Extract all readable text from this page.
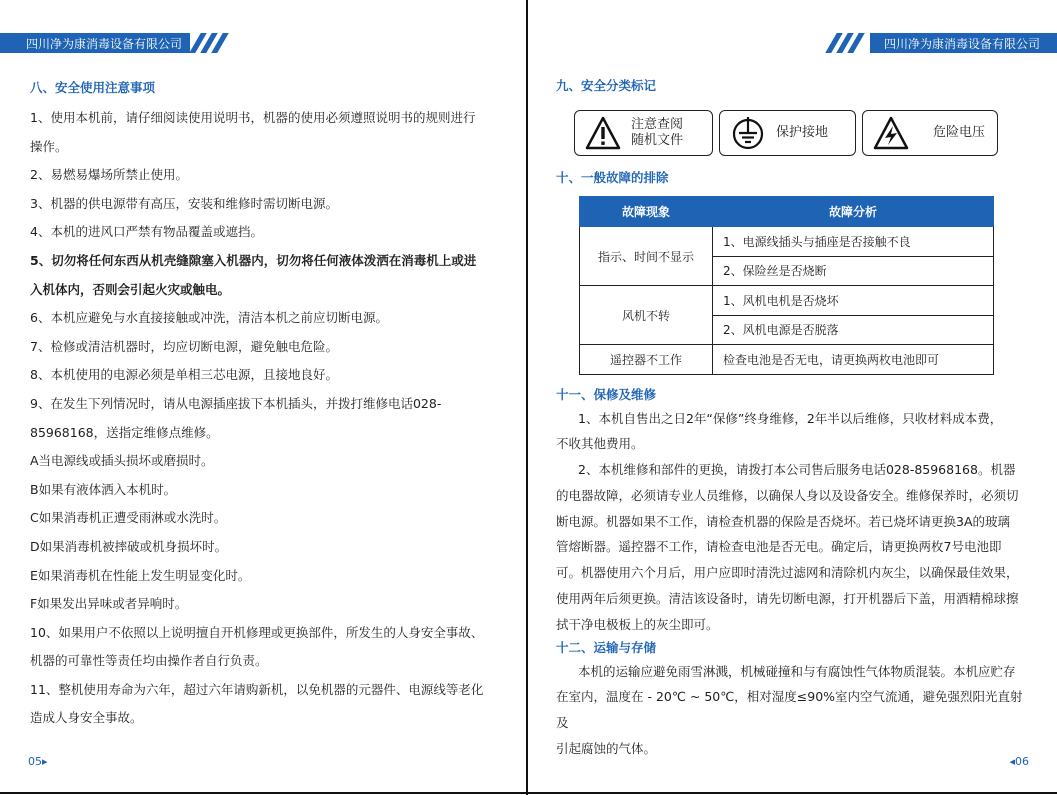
四川净为康消毒设备有限公司
八、安全使用注意事项
1、使用本机前，请仔细阅读使用说明书，机器的使用必须遵照说明书的规则进行
操作。
2、易燃易爆场所禁止使用。
3、机器的供电源带有高压，安装和维修时需切断电源。
4、本机的进风口严禁有物品覆盖或遮挡。
5、切勿将任何东西从机壳缝隙塞入机器内，切勿将任何液体泼洒在消毒机上或进
入机体内，否则会引起火灾或触电。
6、本机应避免与水直接接触或冲洗，清洁本机之前应切断电源。
7、检修或清洁机器时，均应切断电源，避免触电危险。
8、本机使用的电源必须是单相三芯电源，且接地良好。
9、在发生下列情况时，请从电源插座拔下本机插头，并拨打维修电话028-
85968168，送指定维修点维修。
A当电源线或插头损坏或磨损时。
B如果有液体洒入本机时。
C如果消毒机正遭受雨淋或水洗时。
D如果消毒机被摔破或机身损坏时。
E如果消毒机在性能上发生明显变化时。
F如果发出异味或者异响时。
10、如果用户不依照以上说明擅自开机修理或更换部件，所发生的人身安全事故、
机器的可靠性等责任均由操作者自行负责。
11、整机使用寿命为六年，超过六年请购新机，以免机器的元器件、电源线等老化
造成人身安全事故。
05▸
四川净为康消毒设备有限公司
九、安全分类标记
注意查阅
随机文件
保护接地	危险电压
十、一般故障的排除
故障现象	故障分析
指示、时间不显示	1、电源线插头与插座是否接触不良
	2、保险丝是否烧断
风机不转	1、风机电机是否烧坏
	2、风机电源是否脱落
遥控器不工作	检查电池是否无电，请更换两枚电池即可
十一、保修及维修
1、本机自售出之日2年“保修”终身维修，2年半以后维修，只收材料成本费，
不收其他费用。
2、本机维修和部件的更换，请拨打本公司售后服务电话028-85968168。机器
的电器故障，必须请专业人员维修，以确保人身以及设备安全。维修保养时，必须切
断电源。机器如果不工作，请检查机器的保险是否烧坏。若已烧坏请更换3A的玻璃
管熔断器。遥控器不工作，请检查电池是否无电。确定后，请更换两枚7号电池即
可。机器使用六个月后，用户应即时清洗过滤网和清除机内灰尘，以确保最佳效果，
使用两年后须更换。清洁该设备时，请先切断电源，打开机器后下盖，用酒精棉球擦
拭干净电极板上的灰尘即可。
十二、运输与存储
本机的运输应避免雨雪淋溅，机械碰撞和与有腐蚀性气体物质混装。本机应贮存
在室内，温度在 - 20℃ ~ 50℃，相对湿度≤90%室内空气流通，避免强烈阳光直射及
引起腐蚀的气体。
◂06
